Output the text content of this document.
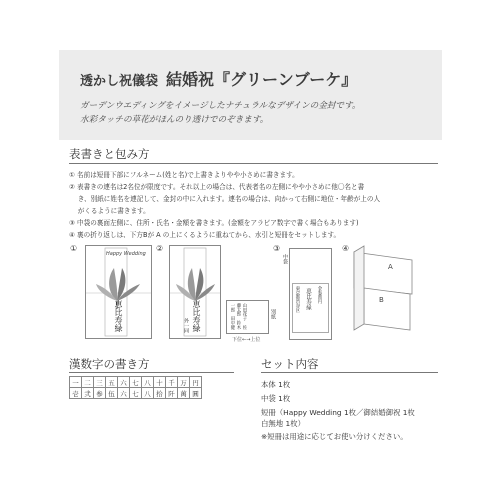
透かし祝儀袋 結婚祝『グリーンブーケ』
ガーデンウエディングをイメージしたナチュラルなデザインの金封です。
水彩タッチの草花がほんのり透けでのぞきます。
表書きと包み方
① 名前は短冊下部にフルネーム(姓と名)で上書きよりやや小さめに書きます。
② 表書きの連名は2名位が限度です。それ以上の場合は、代表者名の左側にやや小さめに他〇名と書
　 き、別紙に姓名を連記して、金封の中に入れます。連名の場合は、向かって右側に地位・年齢が上の人
　 がくるように書きます。
③ 中袋の裏面左側に、住所・氏名・金額を書きます。(金額をアラビア数字で書く場合もあります)
④ 裏の折り返しは、下方Bが A の上にくるように重ねてから、水引と短冊をセットします。
①
Happy Wedding
恵比寿緑
②
恵比寿緑
外一同	山田花子　佐藤太郎　鈴木一郎　田中健	別紙
下位←→上位
③
中袋
東京都渋谷区 恵比寿緑 金参萬円
④
A
B
漢数字の書き方
一	二	三	五	六	七	八	十	千	万	円
壱	弐	参	伍	六	七	八	拾	阡	萬	圓
セット内容
本体 1枚
中袋 1枚
短冊（Happy Wedding 1枚／御結婚御祝 1枚
白無地 1枚）
※短冊は用途に応じてお使い分けください。
